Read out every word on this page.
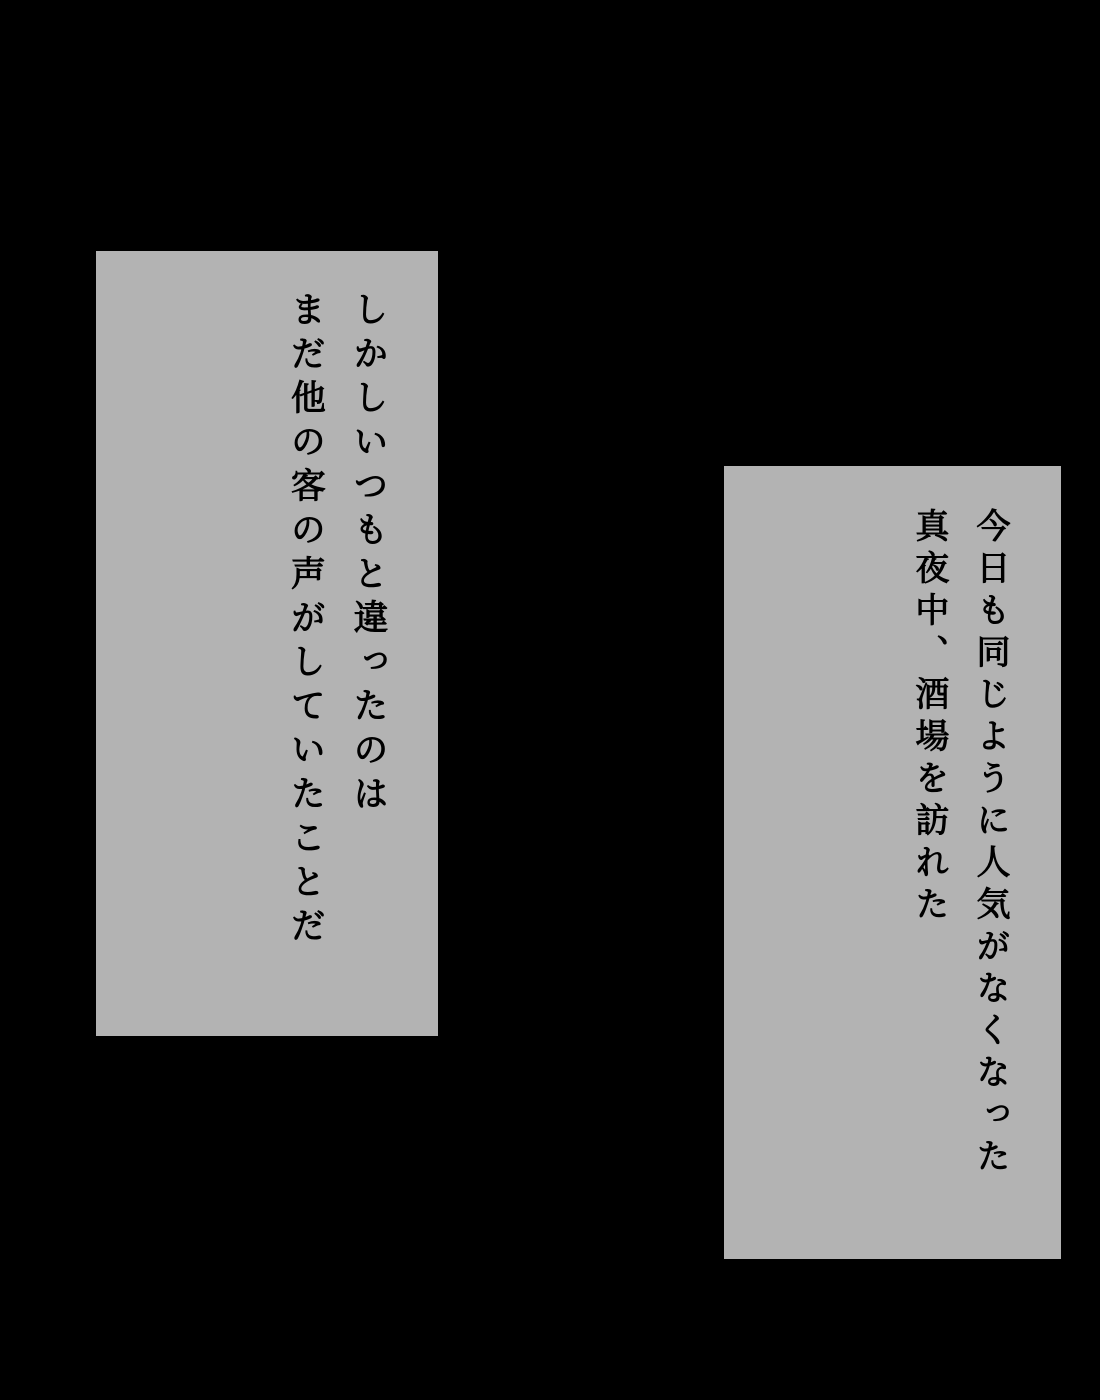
しかしいつもと違ったのは
まだ他の客の声がしていたことだ	今日も同じように人気がなくなった
真夜中、酒場を訪れた
